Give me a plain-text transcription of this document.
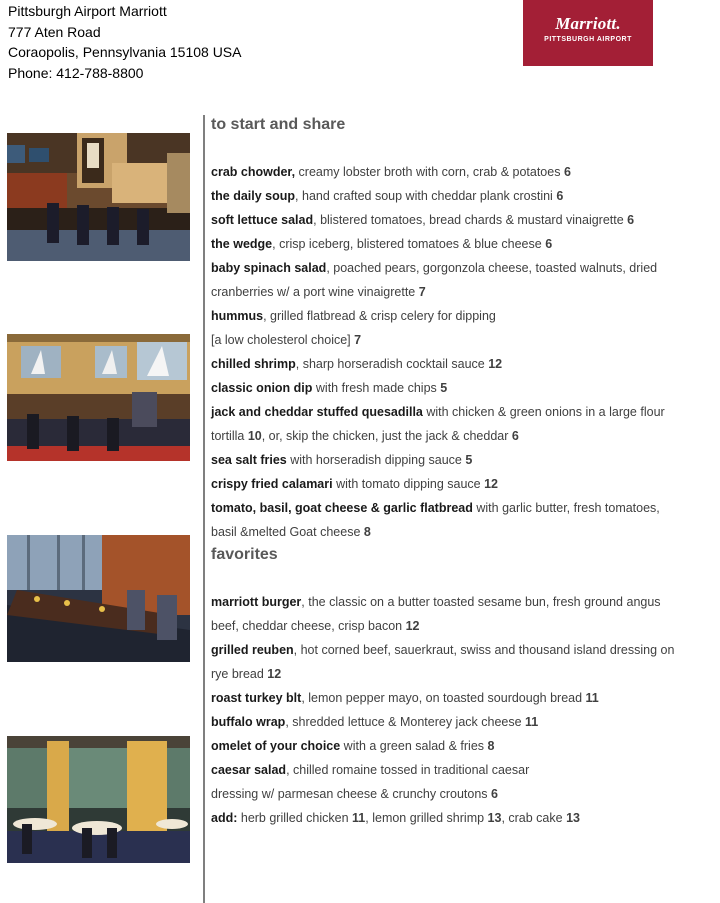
Pittsburgh Airport Marriott
777 Aten Road
Coraopolis, Pennsylvania 15108 USA
Phone: 412-788-8800
Marriott.
PITTSBURGH AIRPORT
to start and share
crab chowder, creamy lobster broth with corn, crab & potatoes 6
the daily soup, hand crafted soup with cheddar plank crostini 6
soft lettuce salad, blistered tomatoes, bread chards & mustard vinaigrette 6
the wedge, crisp iceberg, blistered tomatoes & blue cheese 6
baby spinach salad, poached pears, gorgonzola cheese, toasted walnuts, dried
cranberries w/ a port wine vinaigrette 7
hummus, grilled flatbread & crisp celery for dipping
[a low cholesterol choice] 7
chilled shrimp, sharp horseradish cocktail sauce 12
classic onion dip with fresh made chips 5
jack and cheddar stuffed quesadilla with chicken & green onions in a large flour
tortilla 10, or, skip the chicken, just the jack & cheddar 6
sea salt fries with horseradish dipping sauce 5
crispy fried calamari with tomato dipping sauce 12
tomato, basil, goat cheese & garlic flatbread with garlic butter, fresh tomatoes,
basil &melted Goat cheese 8
favorites
marriott burger, the classic on a butter toasted sesame bun, fresh ground angus
beef, cheddar cheese, crisp bacon 12
grilled reuben, hot corned beef, sauerkraut, swiss and thousand island dressing on
rye bread 12
roast turkey blt, lemon pepper mayo, on toasted sourdough bread 11
buffalo wrap, shredded lettuce & Monterey jack cheese 11
omelet of your choice with a green salad & fries 8
caesar salad, chilled romaine tossed in traditional caesar
dressing w/ parmesan cheese & crunchy croutons 6
add: herb grilled chicken 11, lemon grilled shrimp 13, crab cake 13
